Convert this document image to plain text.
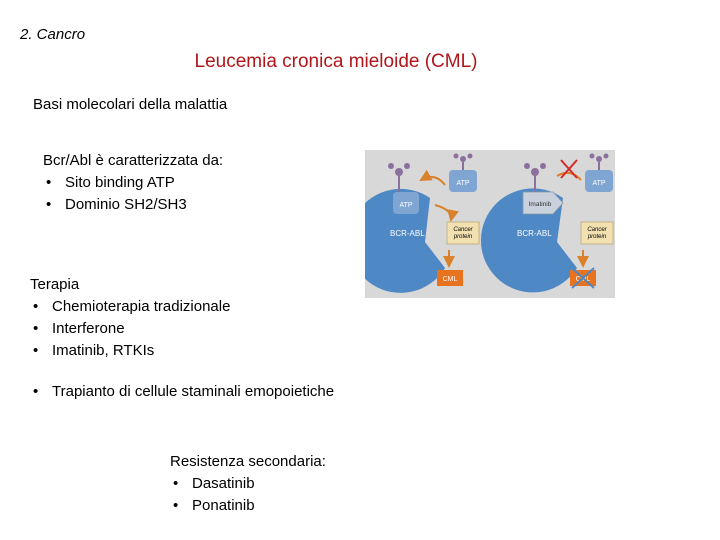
2. Cancro
Leucemia cronica mieloide (CML)
Basi molecolari della malattia
Bcr/Abl è caratterizzata da:
• Sito binding ATP
• Dominio SH2/SH3
Terapia
• Chemioterapia tradizionale
• Interferone
• Imatinib, RTKIs
• Trapianto di cellule staminali emopoietiche
Resistenza secondaria:
• Dasatinib
• Ponatinib
ATP
ATP
Cancer protein
BCR-ABL
CML
ATP
Imatinib
Cancer protein
BCR-ABL
CML
